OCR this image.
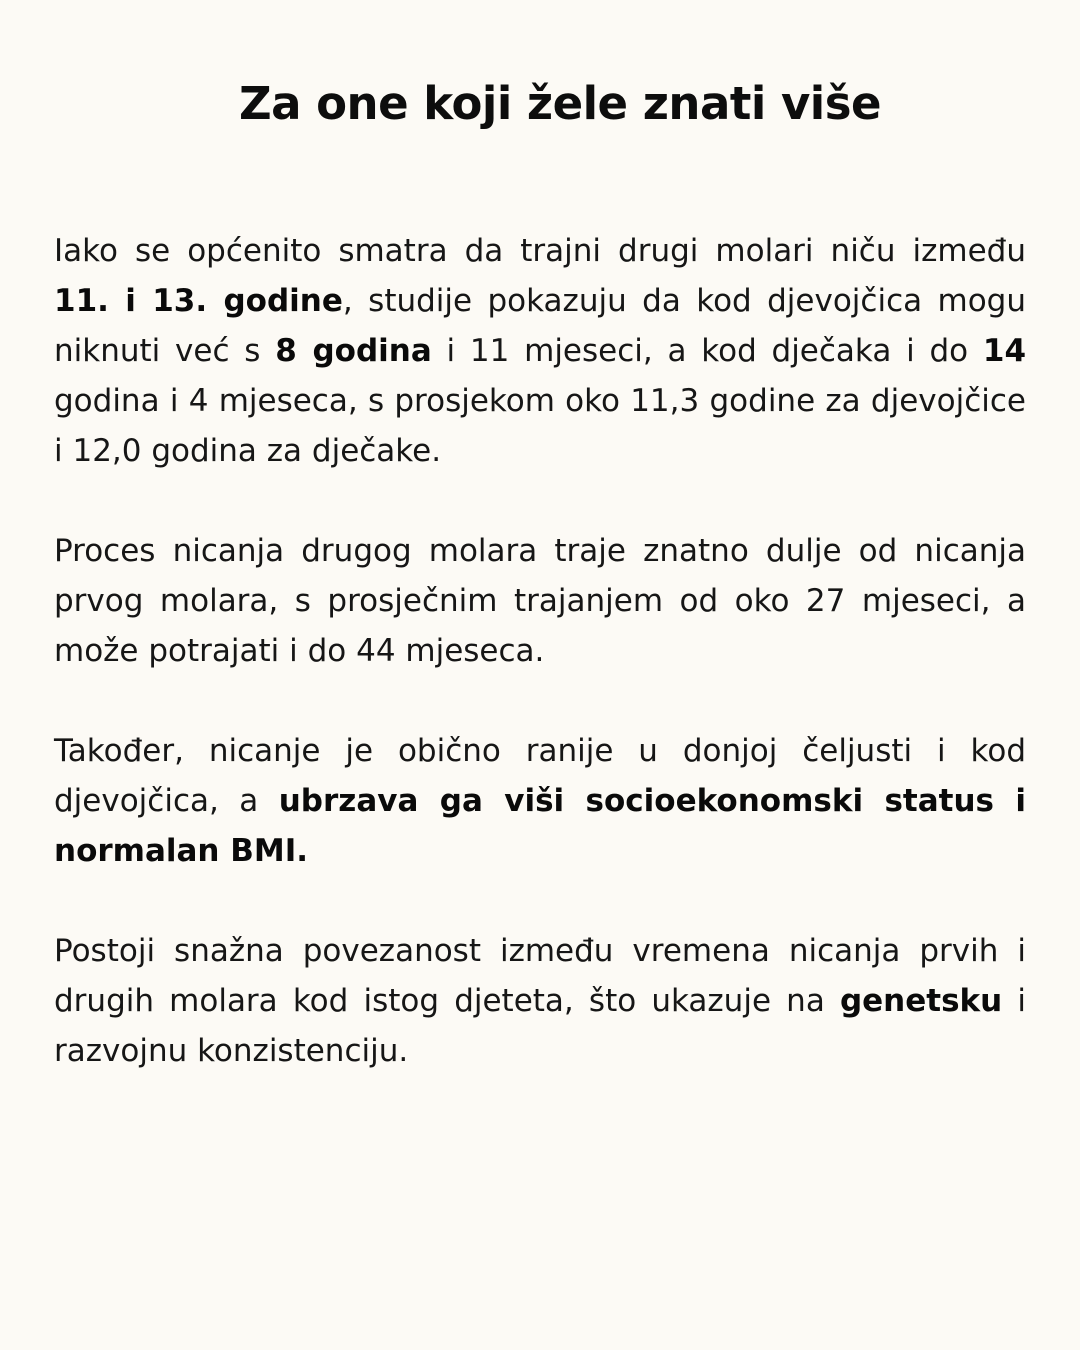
Za one koji žele znati više

Iako se općenito smatra da trajni drugi molari niču između 11. i 13. godine, studije pokazuju da kod djevojčica mogu niknuti već s 8 godina i 11 mjeseci, a kod dječaka i do 14 godina i 4 mjeseca, s prosjekom oko 11,3 godine za djevojčice i 12,0 godina za dječake.

Proces nicanja drugog molara traje znatno dulje od nicanja prvog molara, s prosječnim trajanjem od oko 27 mjeseci, a može potrajati i do 44 mjeseca.

Također, nicanje je obično ranije u donjoj čeljusti i kod djevojčica, a ubrzava ga viši socioekonomski status i normalan BMI.

Postoji snažna povezanost između vremena nicanja prvih i drugih molara kod istog djeteta, što ukazuje na genetsku i razvojnu konzistenciju.
